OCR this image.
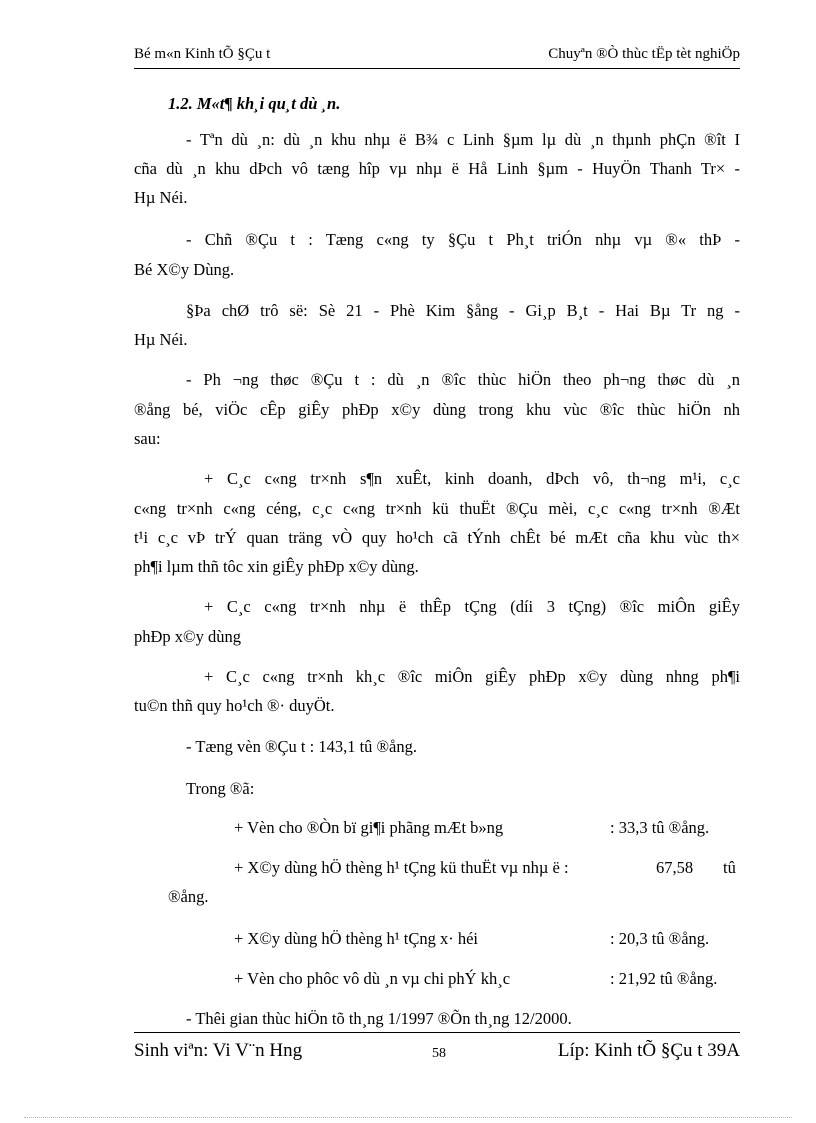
Bé m«n Kinh tÕ §Çu t	Chuyªn ®Ò thùc tËp tèt nghiÖp
1.2. M«t¶ kh¸i qu¸t dù ¸n.
- Tªn dù ¸n: dù ¸n khu nhµ ë B¾ c Linh §µm lµ dù ¸n thµnh phÇn ®ît I
cña dù ¸n khu dÞch vô tæng hîp vµ nhµ ë Hå Linh §µm - HuyÖn Thanh Tr× -
Hµ Néi.
- Chñ ®Çu t : Tæng c«ng ty §Çu t Ph¸t triÓn nhµ vµ ®« thÞ -
Bé X©y Dùng.
§Þa chØ trô së: Sè 21 - Phè Kim §ång - Gi¸p B¸t - Hai Bµ Tr ng -
Hµ Néi.
- Ph ¬ng thøc ®Çu t : dù ¸n ®îc thùc hiÖn theo ph¬ng thøc dù ¸n
®ång bé, viÖc cÊp giÊy phÐp x©y dùng trong khu vùc ®îc thùc hiÖn nh
sau:
+ C¸c c«ng tr×nh s¶n xuÊt, kinh doanh, dÞch vô, th¬ng m¹i, c¸c
c«ng tr×nh c«ng céng, c¸c c«ng tr×nh kü thuËt ®Çu mèi, c¸c c«ng tr×nh ®Æt
t¹i c¸c vÞ trÝ quan träng vÒ quy ho¹ch cã tÝnh chÊt bé mÆt cña khu vùc th×
ph¶i lµm thñ tôc xin giÊy phÐp x©y dùng.
+ C¸c c«ng tr×nh nhµ ë thÊp tÇng (díi 3 tÇng) ®îc miÔn giÊy
phÐp x©y dùng
+ C¸c c«ng tr×nh kh¸c ®îc miÔn giÊy phÐp x©y dùng nhng ph¶i
tu©n thñ quy ho¹ch ®· duyÖt.
- Tæng vèn ®Çu t : 143,1 tû ®ång.
Trong ®ã:
+ Vèn cho ®Òn bï gi¶i phãng mÆt b»ng	: 33,3 tû ®ång.
+ X©y dùng hÖ thèng h¹ tÇng kü thuËt vµ nhµ ë :	67,58 tû
®ång.
+ X©y dùng hÖ thèng h¹ tÇng x· héi	: 20,3 tû ®ång.
+ Vèn cho phôc vô dù ¸n vµ chi phÝ kh¸c	: 21,92 tû ®ång.
- Thêi gian thùc hiÖn tõ th¸ng 1/1997 ®Õn th¸ng 12/2000.
Sinh viªn: Vi V¨n Hng	58	Líp: Kinh tÕ §Çu t 39A
